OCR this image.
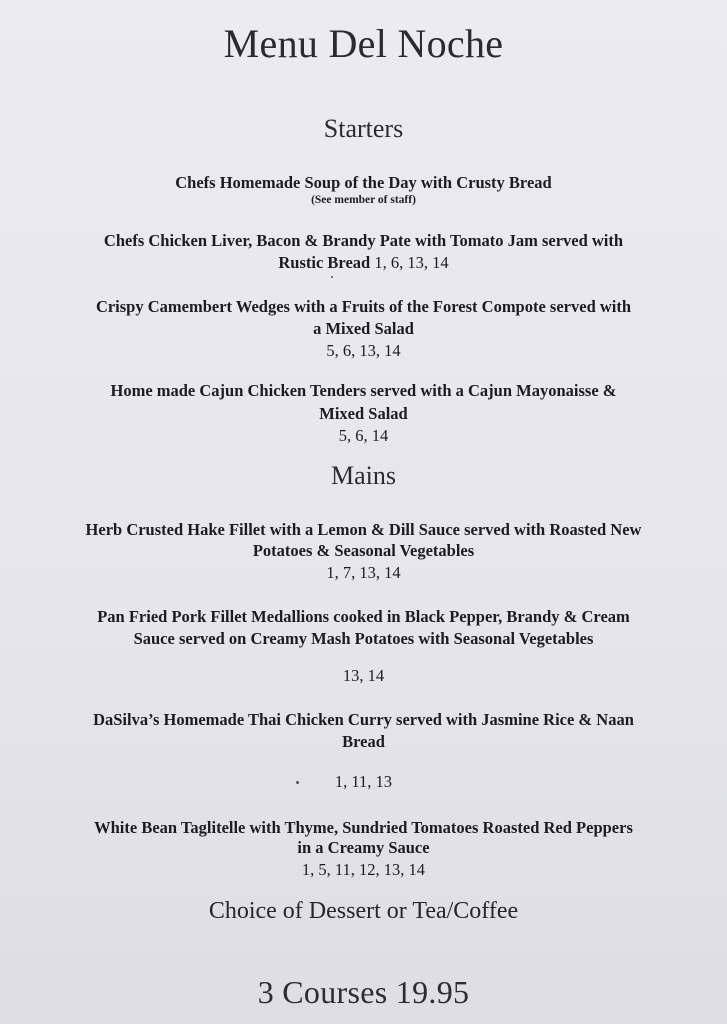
Menu Del Noche
Starters
Chefs Homemade Soup of the Day with Crusty Bread
(See member of staff)
Chefs Chicken Liver, Bacon & Brandy Pate with Tomato Jam served with
Rustic Bread 1, 6, 13, 14
Crispy Camembert Wedges with a Fruits of the Forest Compote served with
a Mixed Salad
5, 6, 13, 14
Home made Cajun Chicken Tenders served with a Cajun Mayonaisse &
Mixed Salad
5, 6, 14
Mains
Herb Crusted Hake Fillet with a Lemon & Dill Sauce served with Roasted New
Potatoes & Seasonal Vegetables
1, 7, 13, 14
Pan Fried Pork Fillet Medallions cooked in Black Pepper, Brandy & Cream
Sauce served on Creamy Mash Potatoes with Seasonal Vegetables
13, 14
DaSilva’s Homemade Thai Chicken Curry served with Jasmine Rice & Naan
Bread
1, 11, 13
White Bean Taglitelle with Thyme, Sundried Tomatoes Roasted Red Peppers
in a Creamy Sauce
1, 5, 11, 12, 13, 14
Choice of Dessert or Tea/Coffee
3 Courses 19.95
